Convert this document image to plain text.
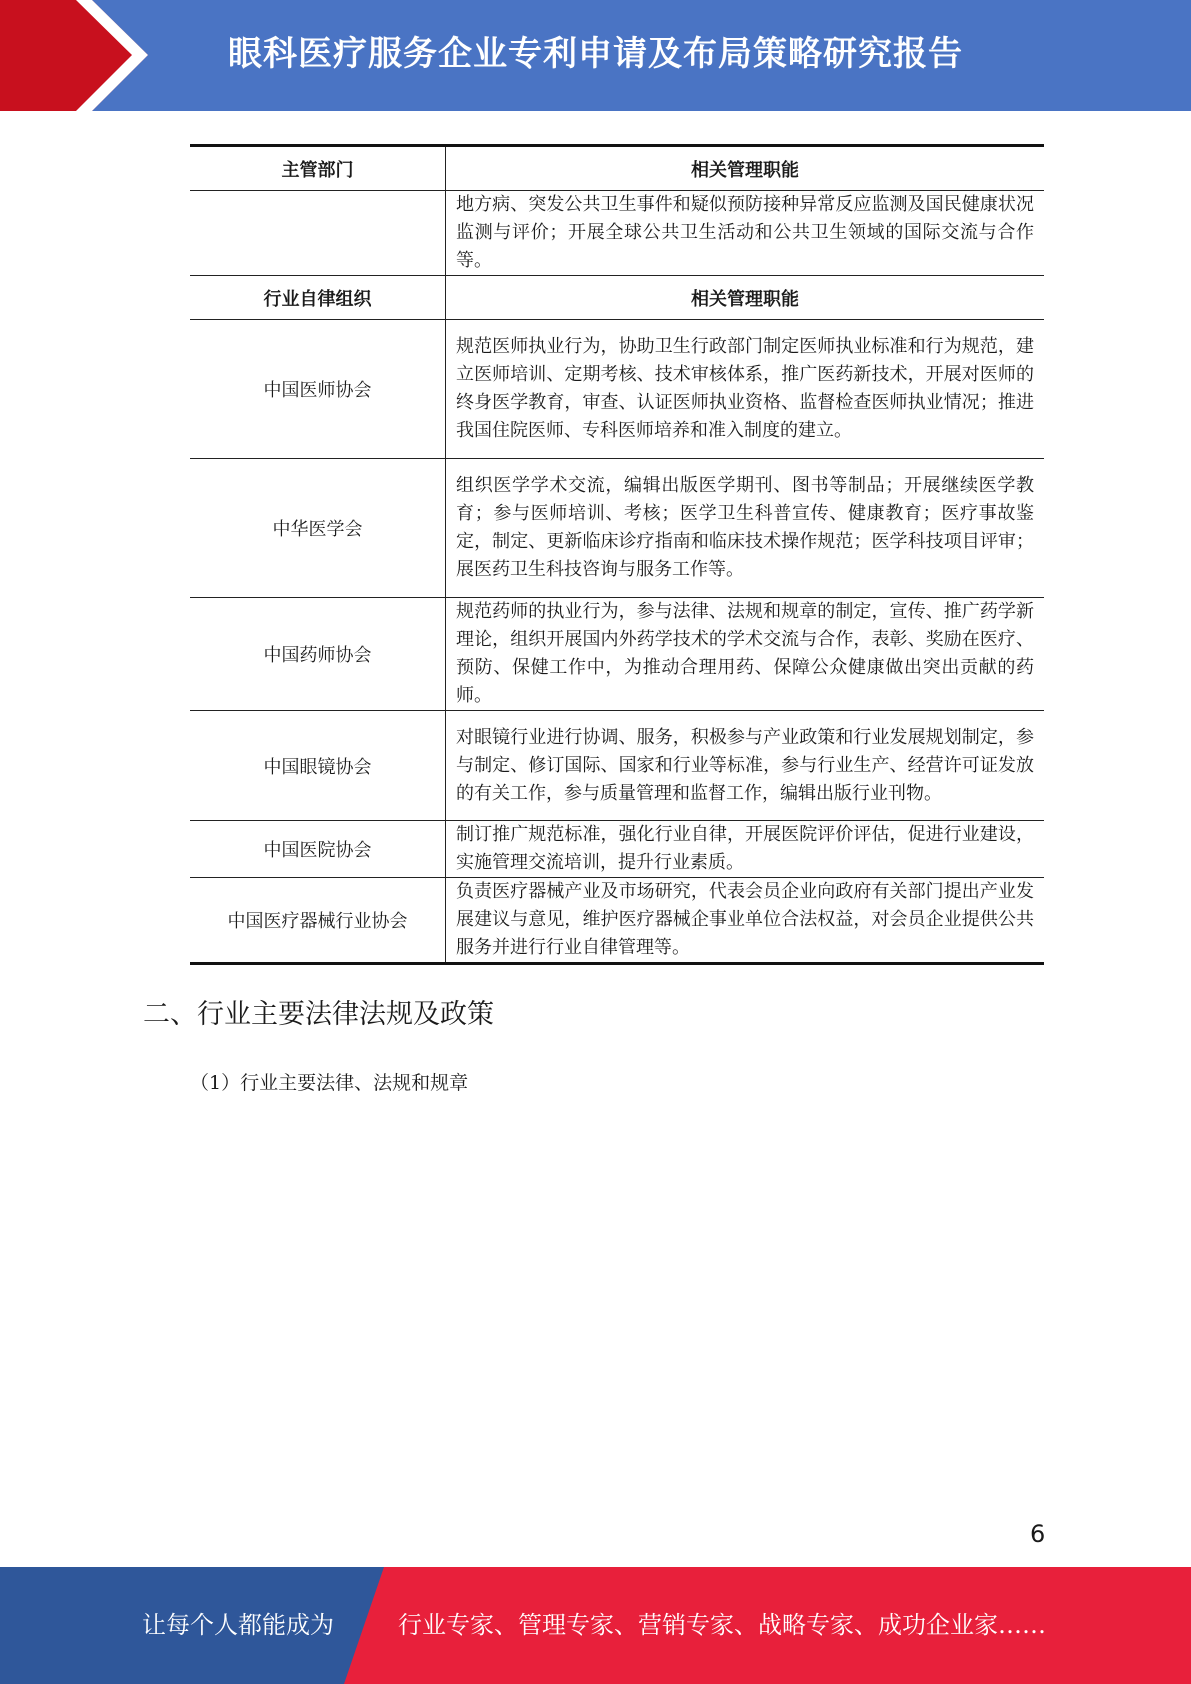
眼科医疗服务企业专利申请及布局策略研究报告
主管部门	相关管理职能
	地方病、突发公共卫生事件和疑似预防接种异常反应监测及国民健康状况监测与评价；开展全球公共卫生活动和公共卫生领域的国际交流与合作等。
行业自律组织	相关管理职能
中国医师协会	规范医师执业行为，协助卫生行政部门制定医师执业标准和行为规范，建立医师培训、定期考核、技术审核体系，推广医药新技术，开展对医师的终身医学教育，审查、认证医师执业资格、监督检查医师执业情况；推进我国住院医师、专科医师培养和准入制度的建立。
中华医学会	组织医学学术交流，编辑出版医学期刊、图书等制品；开展继续医学教育；参与医师培训、考核；医学卫生科普宣传、健康教育；医疗事故鉴定，制定、更新临床诊疗指南和临床技术操作规范；医学科技项目评审；展医药卫生科技咨询与服务工作等。
中国药师协会	规范药师的执业行为，参与法律、法规和规章的制定，宣传、推广药学新理论，组织开展国内外药学技术的学术交流与合作，表彰、奖励在医疗、预防、保健工作中，为推动合理用药、保障公众健康做出突出贡献的药师。
中国眼镜协会	对眼镜行业进行协调、服务，积极参与产业政策和行业发展规划制定，参与制定、修订国际、国家和行业等标准，参与行业生产、经营许可证发放的有关工作，参与质量管理和监督工作，编辑出版行业刊物。
中国医院协会	制订推广规范标准，强化行业自律，开展医院评价评估，促进行业建设，实施管理交流培训，提升行业素质。
中国医疗器械行业协会	负责医疗器械产业及市场研究，代表会员企业向政府有关部门提出产业发展建议与意见，维护医疗器械企事业单位合法权益，对会员企业提供公共服务并进行行业自律管理等。
二、行业主要法律法规及政策
（1）行业主要法律、法规和规章
6
让每个人都能成为	行业专家、管理专家、营销专家、战略专家、成功企业家……
